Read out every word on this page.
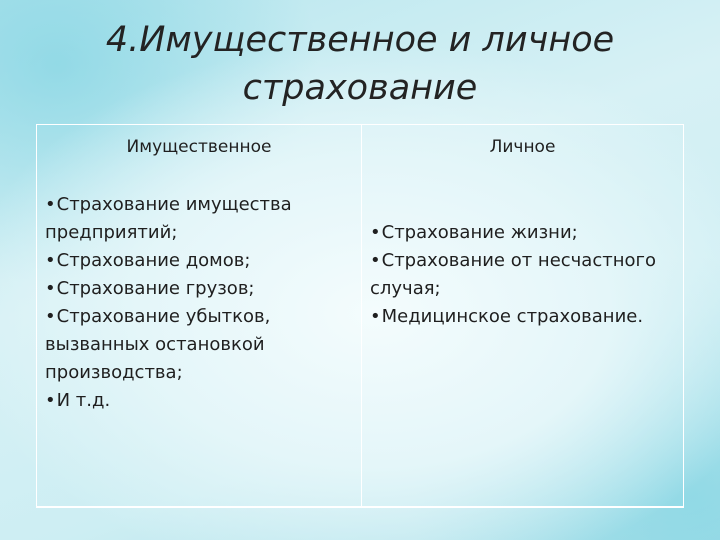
4.Имущественное и личное
страхование
Имущественное
•Страхование имущества предприятий;
•Страхование домов;
•Страхование грузов;
•Страхование убытков, вызванных остановкой производства;
•И т.д.
Личное
•Страхование жизни;
•Страхование от несчастного случая;
•Медицинское страхование.
